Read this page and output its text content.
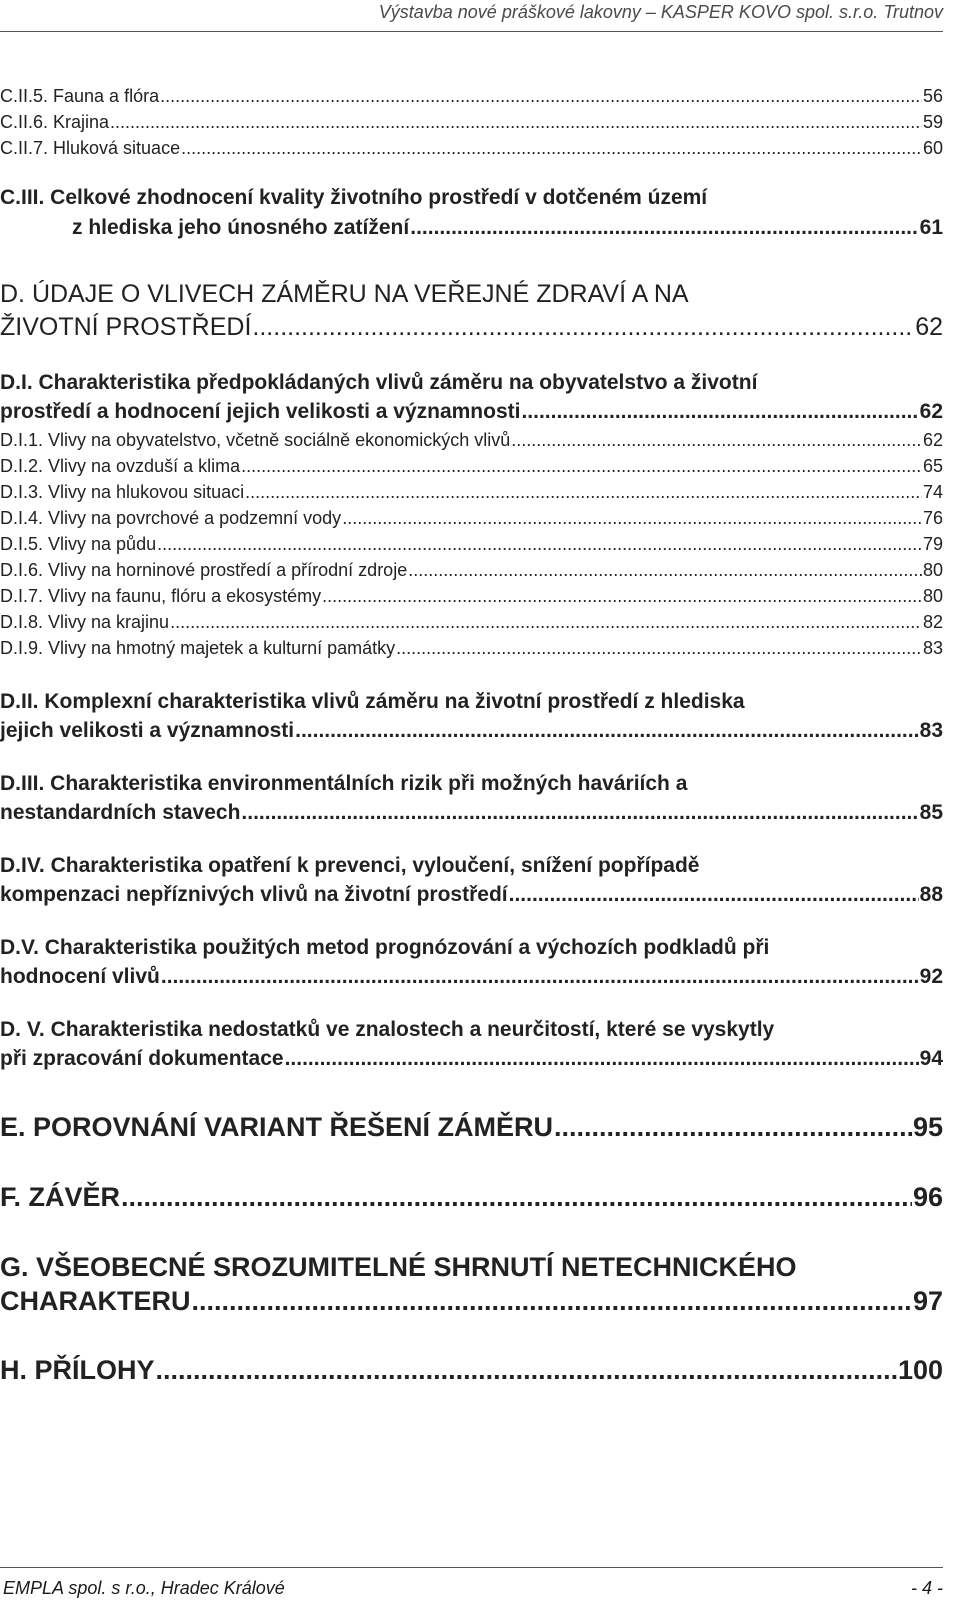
Výstavba nové práškové lakovny – KASPER KOVO spol. s.r.o. Trutnov
C.II.5. Fauna a flóra .....	56
C.II.6. Krajina .....	59
C.II.7. Hluková situace .....	60
C.III. Celkové zhodnocení kvality životního prostředí v dotčeném území
z hlediska jeho únosného zatížení .....	61
D. ÚDAJE O VLIVECH ZÁMĚRU NA VEŘEJNÉ ZDRAVÍ A NA
ŽIVOTNÍ PROSTŘEDÍ .....	62
D.I. Charakteristika předpokládaných vlivů záměru na obyvatelstvo a životní
prostředí a hodnocení jejich velikosti a významnosti .....	62
D.I.1. Vlivy na obyvatelstvo, včetně sociálně ekonomických vlivů .....	62
D.I.2. Vlivy na ovzduší a klima .....	65
D.I.3. Vlivy na hlukovou situaci .....	74
D.I.4. Vlivy na povrchové a podzemní vody .....	76
D.I.5. Vlivy na půdu .....	79
D.I.6. Vlivy na horninové prostředí a přírodní zdroje .....	80
D.I.7. Vlivy na faunu, flóru a ekosystémy .....	80
D.I.8. Vlivy na krajinu .....	82
D.I.9. Vlivy na hmotný majetek a kulturní památky .....	83
D.II. Komplexní charakteristika vlivů záměru na životní prostředí z hlediska
jejich velikosti a významnosti .....	83
D.III. Charakteristika environmentálních rizik při možných haváriích a
nestandardních stavech .....	85
D.IV. Charakteristika opatření k prevenci, vyloučení, snížení popřípadě
kompenzaci nepříznivých vlivů na životní prostředí .....	88
D.V. Charakteristika použitých metod prognózování a výchozích podkladů při
hodnocení vlivů .....	92
D. V. Charakteristika nedostatků ve znalostech a neurčitostí, které se vyskytly
při zpracování dokumentace .....	94
E. POROVNÁNÍ VARIANT ŘEŠENÍ ZÁMĚRU .....	95
F. ZÁVĚR .....	96
G. VŠEOBECNÉ SROZUMITELNÉ SHRNUTÍ NETECHNICKÉHO
CHARAKTERU .....	97
H. PŘÍLOHY .....	100
EMPLA spol. s r.o., Hradec Králové	- 4 -
